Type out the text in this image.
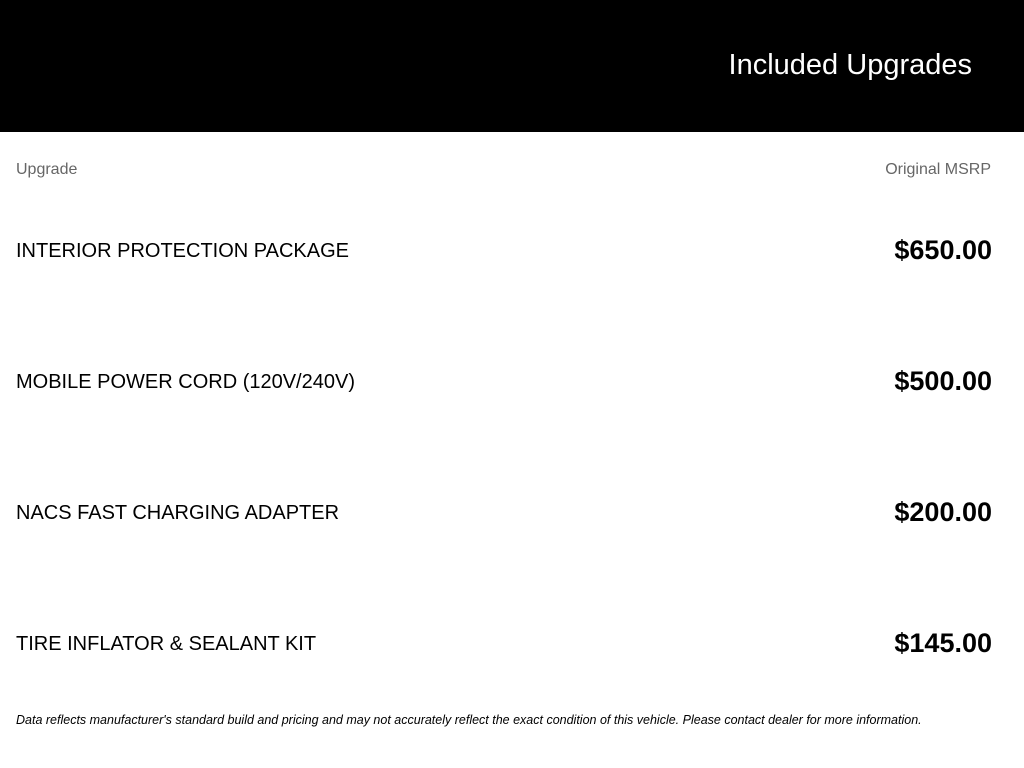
Included Upgrades
Upgrade	Original MSRP
INTERIOR PROTECTION PACKAGE	$650.00
MOBILE POWER CORD (120V/240V)	$500.00
NACS FAST CHARGING ADAPTER	$200.00
TIRE INFLATOR & SEALANT KIT	$145.00
Data reflects manufacturer's standard build and pricing and may not accurately reflect the exact condition of this vehicle. Please contact dealer for more information.
